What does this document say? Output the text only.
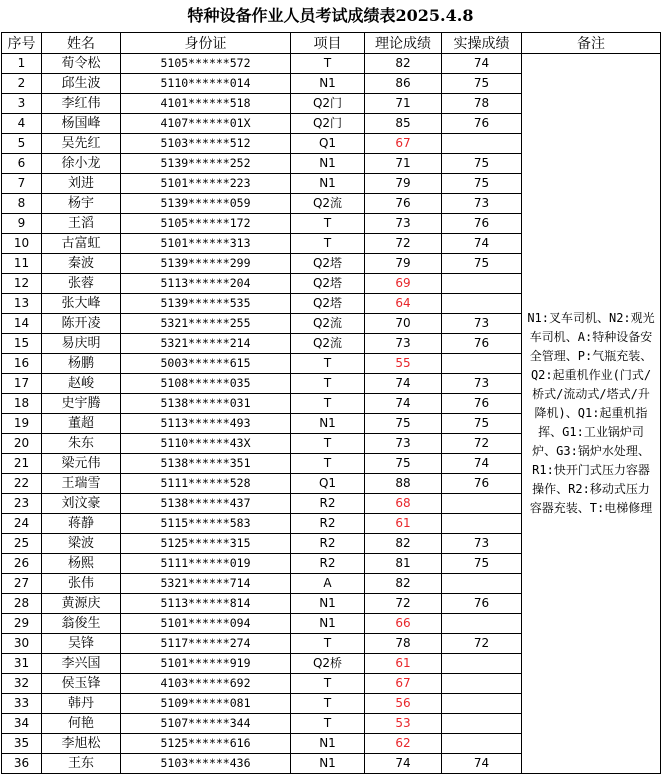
特种设备作业人员考试成绩表2025.4.8
序号	姓名	身份证	项目	理论成绩	实操成绩	备注
1	荀令松	5105******572	T	82	74	N1:叉车司机、N2:观光车司机、A:特种设备安全管理、P:气瓶充装、Q2:起重机作业(门式/桥式/流动式/塔式/升降机)、Q1:起重机指挥、G1:工业锅炉司炉、G3:锅炉水处理、R1:快开门式压力容器操作、R2:移动式压力容器充装、T:电梯修理
2	邱生波	5110******014	N1	86	75	
3	李红伟	4101******518	Q2门	71	78	
4	杨国峰	4107******01X	Q2门	85	76	
5	吴先红	5103******512	Q1	67		
6	徐小龙	5139******252	N1	71	75	
7	刘进	5101******223	N1	79	75	
8	杨宇	5139******059	Q2流	76	73	
9	王滔	5105******172	T	73	76	
10	古富虹	5101******313	T	72	74	
11	秦波	5139******299	Q2塔	79	75	
12	张蓉	5113******204	Q2塔	69		
13	张大峰	5139******535	Q2塔	64		
14	陈开凌	5321******255	Q2流	70	73	
15	易庆明	5321******214	Q2流	73	76	
16	杨鹏	5003******615	T	55		
17	赵峻	5108******035	T	74	73	
18	史宇腾	5138******031	T	74	76	
19	董超	5113******493	N1	75	75	
20	朱东	5110******43X	T	73	72	
21	梁元伟	5138******351	T	75	74	
22	王瑞雪	5111******528	Q1	88	76	
23	刘汶豪	5138******437	R2	68		
24	蒋静	5115******583	R2	61		
25	梁波	5125******315	R2	82	73	
26	杨熙	5111******019	R2	81	75	
27	张伟	5321******714	A	82		
28	黄源庆	5113******814	N1	72	76	
29	翁俊生	5101******094	N1	66		
30	吴锋	5117******274	T	78	72	
31	李兴国	5101******919	Q2桥	61		
32	侯玉锋	4103******692	T	67		
33	韩丹	5109******081	T	56		
34	何艳	5107******344	T	53		
35	李旭松	5125******616	N1	62		
36	王东	5103******436	N1	74	74	
